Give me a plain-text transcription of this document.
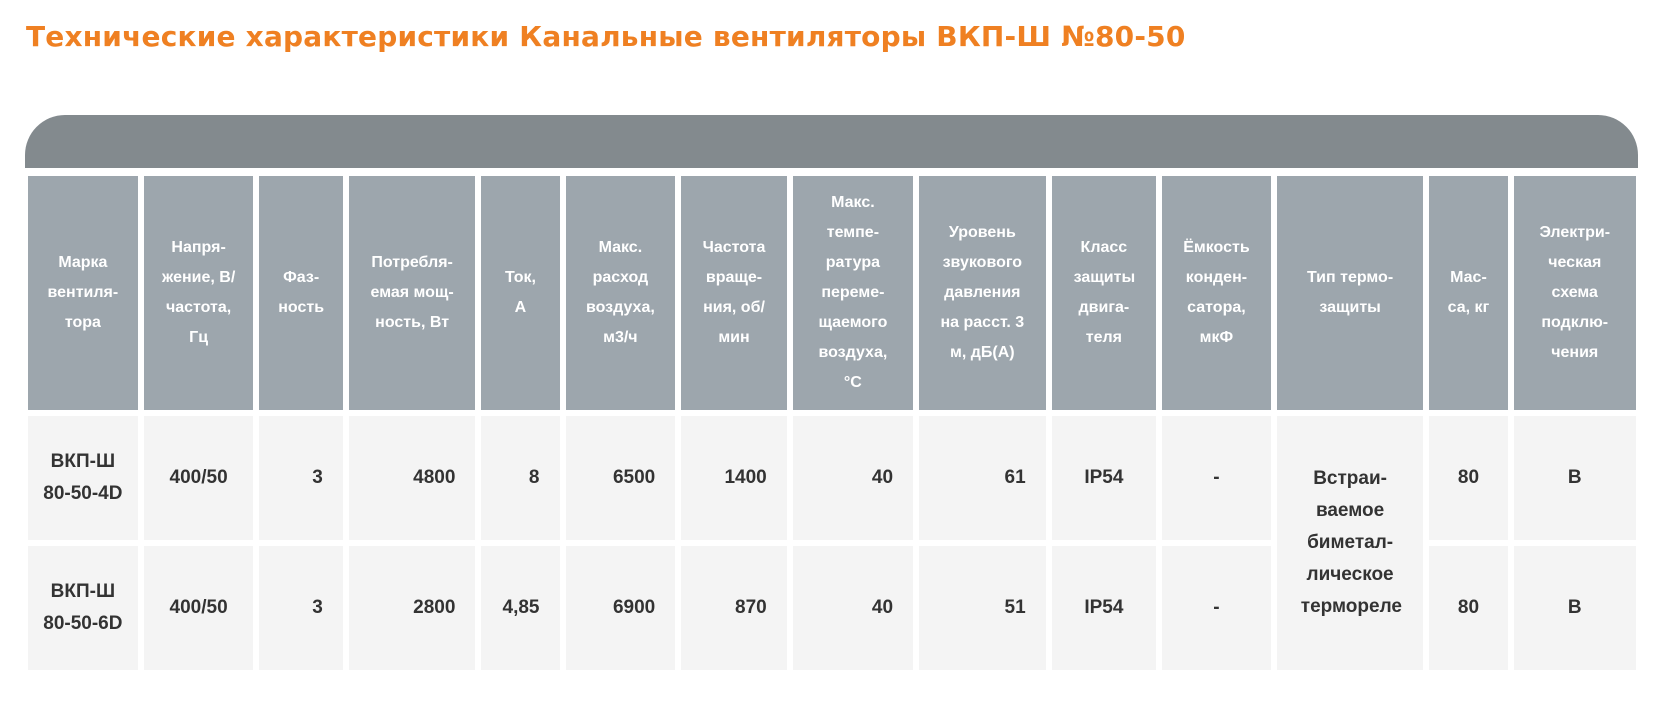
Технические характеристики Канальные вентиляторы ВКП-Ш №80-50
Марка вентиля-тора	Напря-жение, В/частота, Гц	Фаз-ность	Потребля-емая мощ-ность, Вт	Ток, А	Макс. расход воздуха, м3/ч	Частота враще-ния, об/мин	Макс. темпе-ратура переме-щаемого воздуха, °С	Уровень звукового давления на расст. 3 м, дБ(А)	Класс защиты двига-теля	Ёмкость конден-сатора, мкФ	Тип термо-защиты	Мас-са, кг	Электри-ческая схема подклю-чения
ВКП-Ш 80-50-4D	400/50	3	4800	8	6500	1400	40	61	IP54	-	Встраи-ваемое биметал-лическое термореле	80	B
ВКП-Ш 80-50-6D	400/50	3	2800	4,85	6900	870	40	51	IP54	-		80	B
